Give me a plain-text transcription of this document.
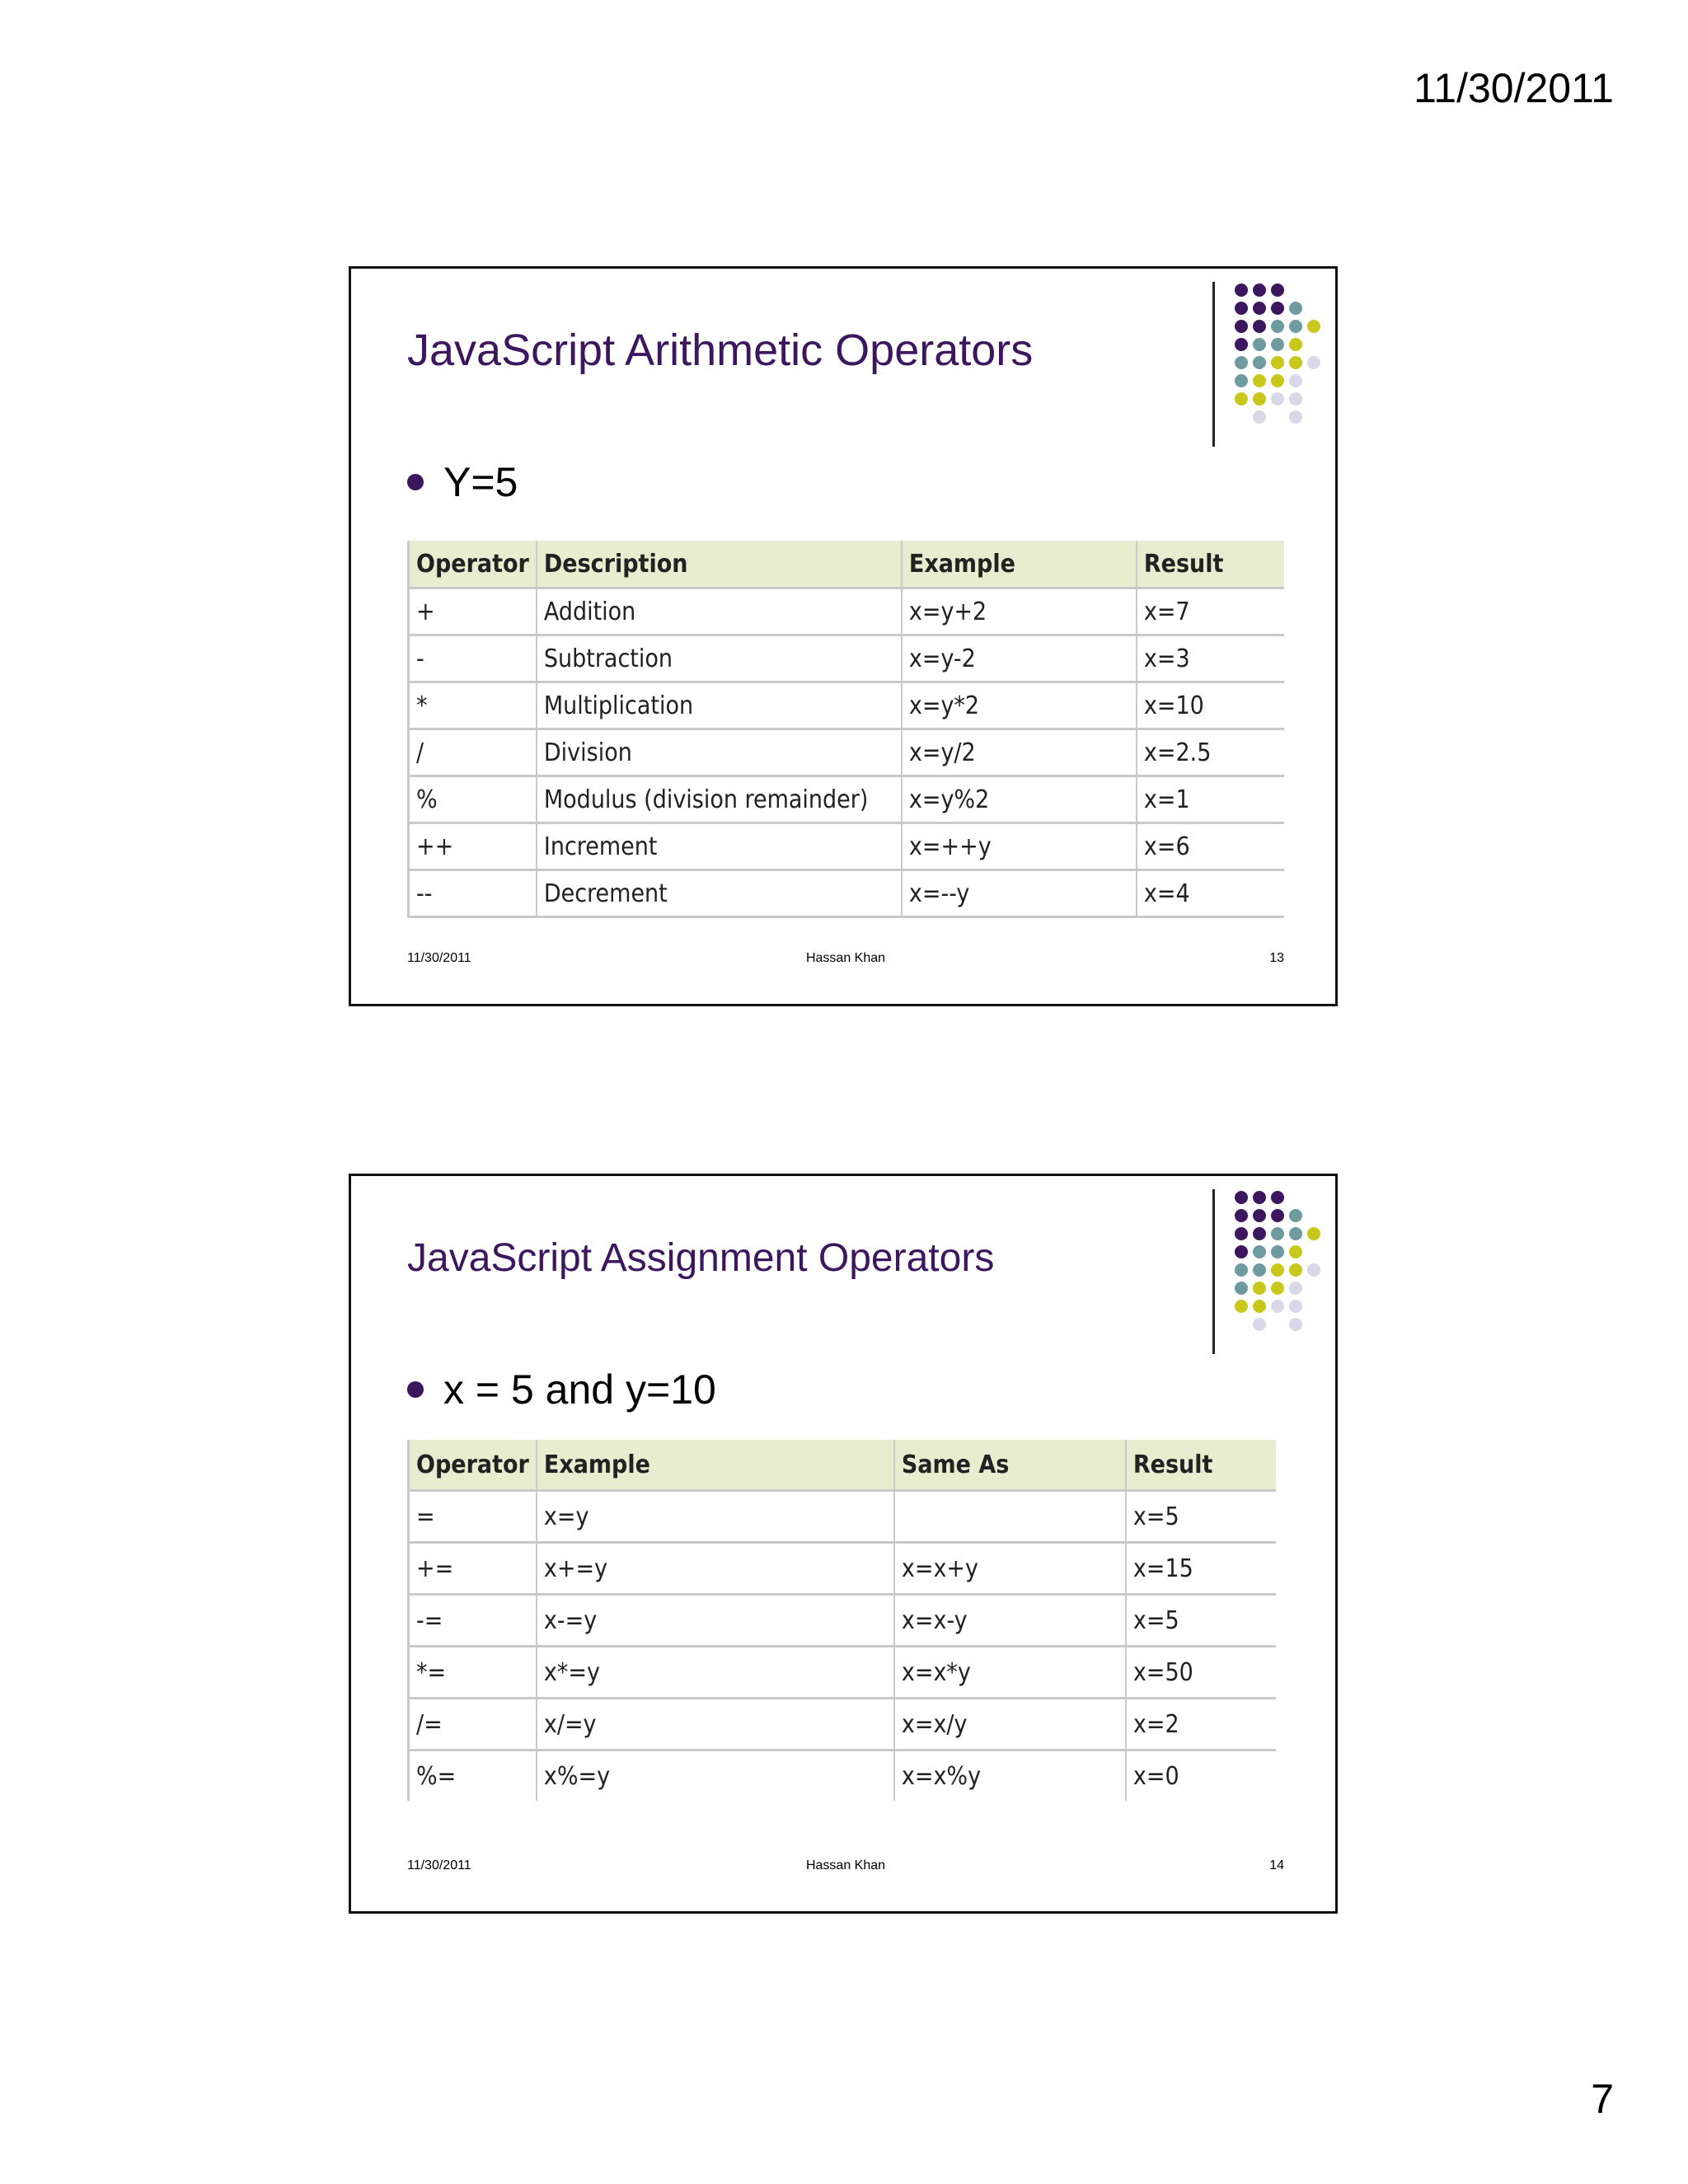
11/30/2011
JavaScript Arithmetic Operators
Y=5
Operator	Description	Example	Result
+	Addition	x=y+2	x=7
-	Subtraction	x=y-2	x=3
*	Multiplication	x=y*2	x=10
/	Division	x=y/2	x=2.5
%	Modulus (division remainder)	x=y%2	x=1
++	Increment	x=++y	x=6
--	Decrement	x=--y	x=4
11/30/2011	Hassan Khan	13
JavaScript Assignment Operators
x = 5 and y=10
Operator	Example	Same As	Result
=	x=y		x=5
+=	x+=y	x=x+y	x=15
-=	x-=y	x=x-y	x=5
*=	x*=y	x=x*y	x=50
/=	x/=y	x=x/y	x=2
%=	x%=y	x=x%y	x=0
11/30/2011	Hassan Khan	14
7
